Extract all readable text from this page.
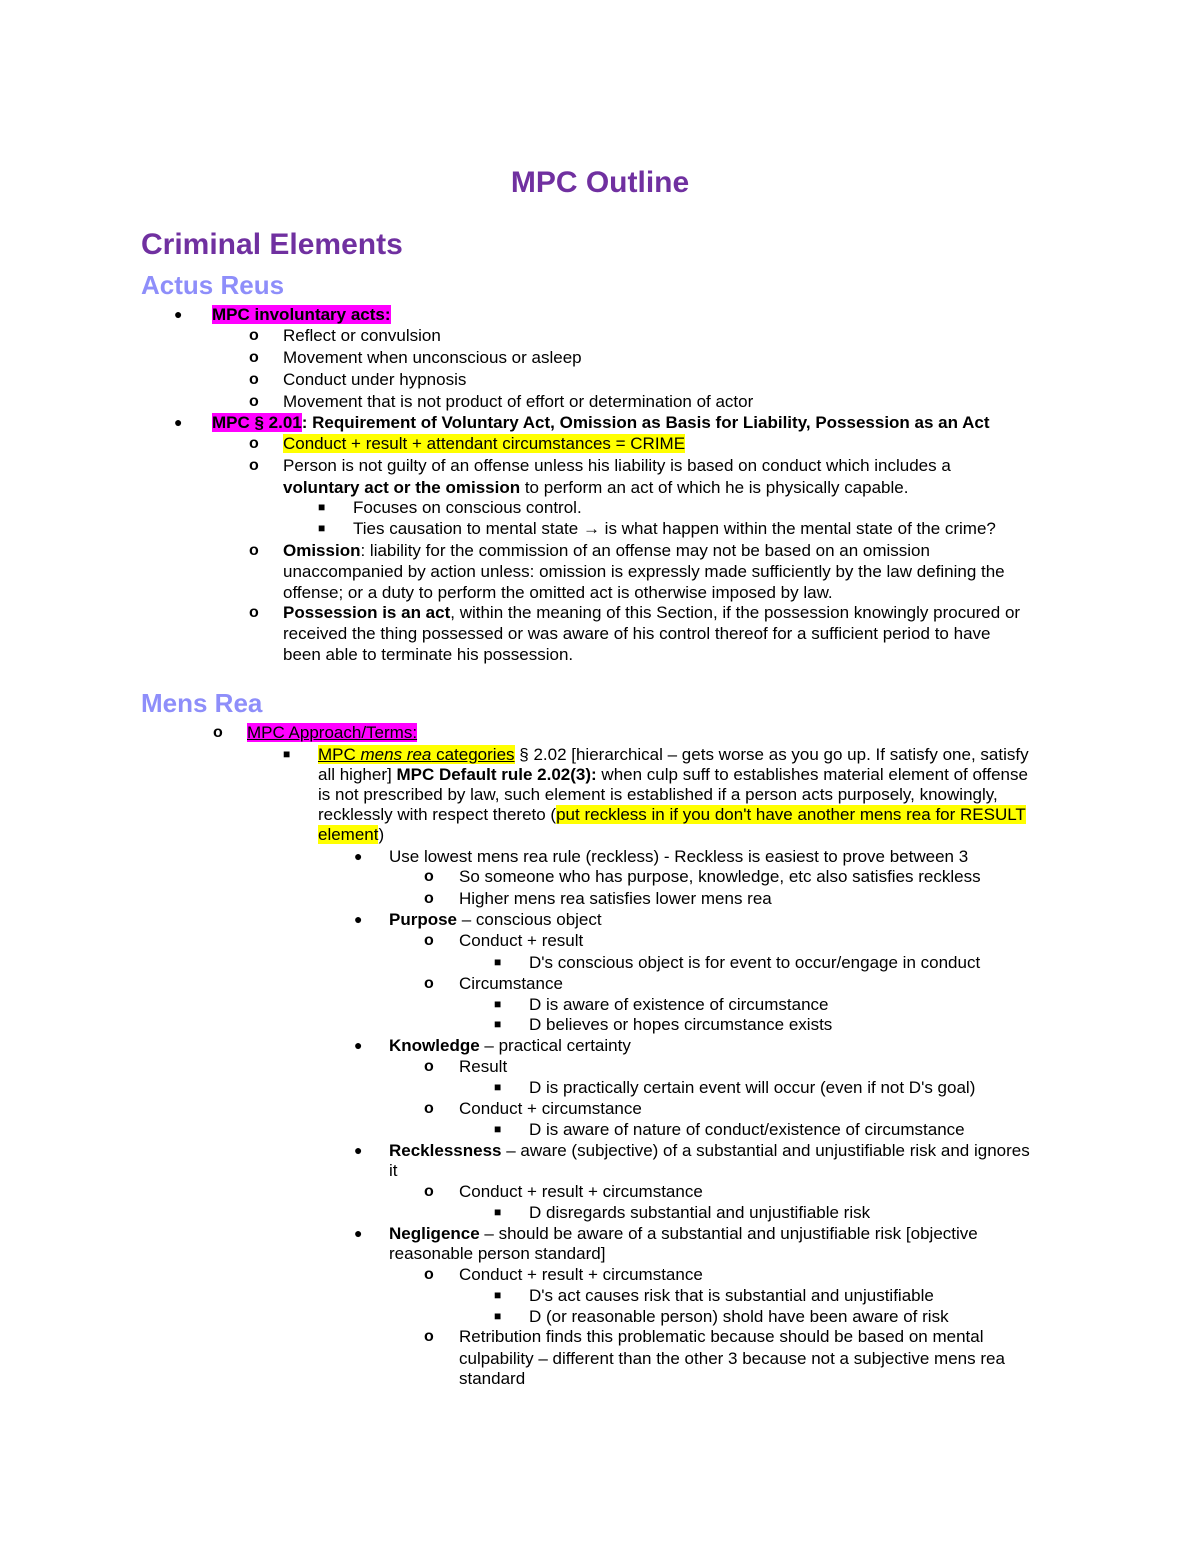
MPC Outline
Criminal Elements
Actus Reus
● MPC involuntary acts:
o Reflect or convulsion
o Movement when unconscious or asleep
o Conduct under hypnosis
o Movement that is not product of effort or determination of actor
● MPC § 2.01: Requirement of Voluntary Act, Omission as Basis for Liability, Possession as an Act
o Conduct + result + attendant circumstances = CRIME
o Person is not guilty of an offense unless his liability is based on conduct which includes a
voluntary act or the omission to perform an act of which he is physically capable.
■ Focuses on conscious control.
■ Ties causation to mental state → is what happen within the mental state of the crime?
o Omission: liability for the commission of an offense may not be based on an omission
unaccompanied by action unless: omission is expressly made sufficiently by the law defining the
offense; or a duty to perform the omitted act is otherwise imposed by law.
o Possession is an act, within the meaning of this Section, if the possession knowingly procured or
received the thing possessed or was aware of his control thereof for a sufficient period to have
been able to terminate his possession.
Mens Rea
o MPC Approach/Terms:
■ MPC mens rea categories § 2.02 [hierarchical – gets worse as you go up. If satisfy one, satisfy
all higher] MPC Default rule 2.02(3): when culp suff to establishes material element of offense
is not prescribed by law, such element is established if a person acts purposely, knowingly,
recklessly with respect thereto (put reckless in if you don't have another mens rea for RESULT
element)
● Use lowest mens rea rule (reckless) - Reckless is easiest to prove between 3
o So someone who has purpose, knowledge, etc also satisfies reckless
o Higher mens rea satisfies lower mens rea
● Purpose – conscious object
o Conduct + result
■ D's conscious object is for event to occur/engage in conduct
o Circumstance
■ D is aware of existence of circumstance
■ D believes or hopes circumstance exists
● Knowledge – practical certainty
o Result
■ D is practically certain event will occur (even if not D's goal)
o Conduct + circumstance
■ D is aware of nature of conduct/existence of circumstance
● Recklessness – aware (subjective) of a substantial and unjustifiable risk and ignores
it
o Conduct + result + circumstance
■ D disregards substantial and unjustifiable risk
● Negligence – should be aware of a substantial and unjustifiable risk [objective
reasonable person standard]
o Conduct + result + circumstance
■ D's act causes risk that is substantial and unjustifiable
■ D (or reasonable person) shold have been aware of risk
o Retribution finds this problematic because should be based on mental
culpability – different than the other 3 because not a subjective mens rea
standard
